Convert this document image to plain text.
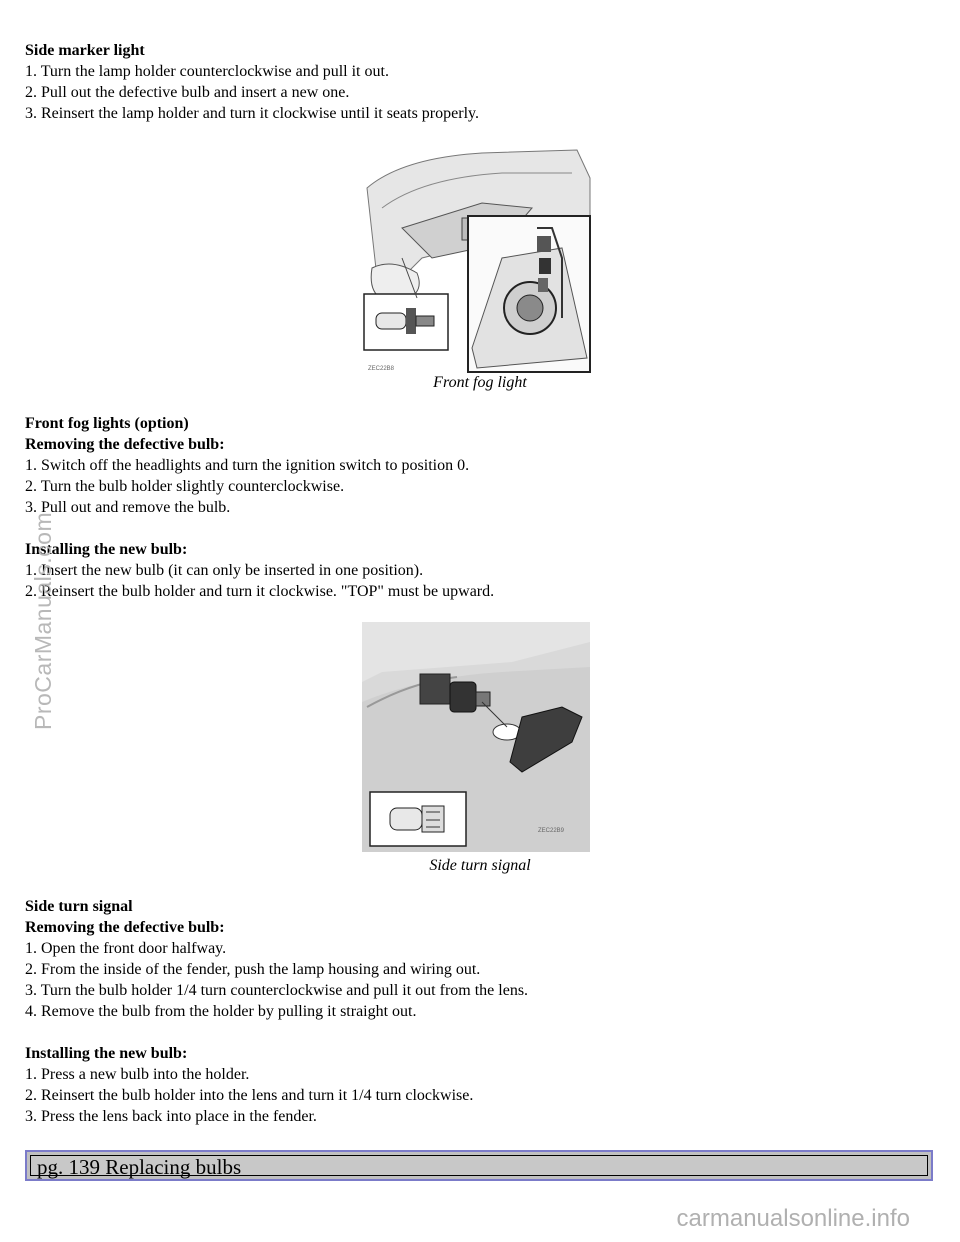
Side marker light

1. Turn the lamp holder counterclockwise and pull it out.

2. Pull out the defective bulb and insert a new one.

3. Reinsert the lamp holder and turn it clockwise until it seats properly.

ZEC22B8
Front fog light

Front fog lights (option)

Removing the defective bulb:

1. Switch off the headlights and turn the ignition switch to position 0.

2. Turn the bulb holder slightly counterclockwise.

3. Pull out and remove the bulb.

Installing the new bulb:

1. Insert the new bulb (it can only be inserted in one position).

2. Reinsert the bulb holder and turn it clockwise. "TOP" must be upward.

ZEC22B9
Side turn signal

Side turn signal

Removing the defective bulb:

1. Open the front door halfway.

2. From the inside of the fender, push the lamp housing and wiring out.

3. Turn the bulb holder 1/4 turn counterclockwise and pull it out from the lens.

4. Remove the bulb from the holder by pulling it straight out.

Installing the new bulb:

1. Press a new bulb into the holder.

2. Reinsert the bulb holder into the lens and turn it 1/4 turn clockwise.

3. Press the lens back into place in the fender.

pg. 139 Replacing bulbs
ProCarManuals.com
carmanualsonline.info
